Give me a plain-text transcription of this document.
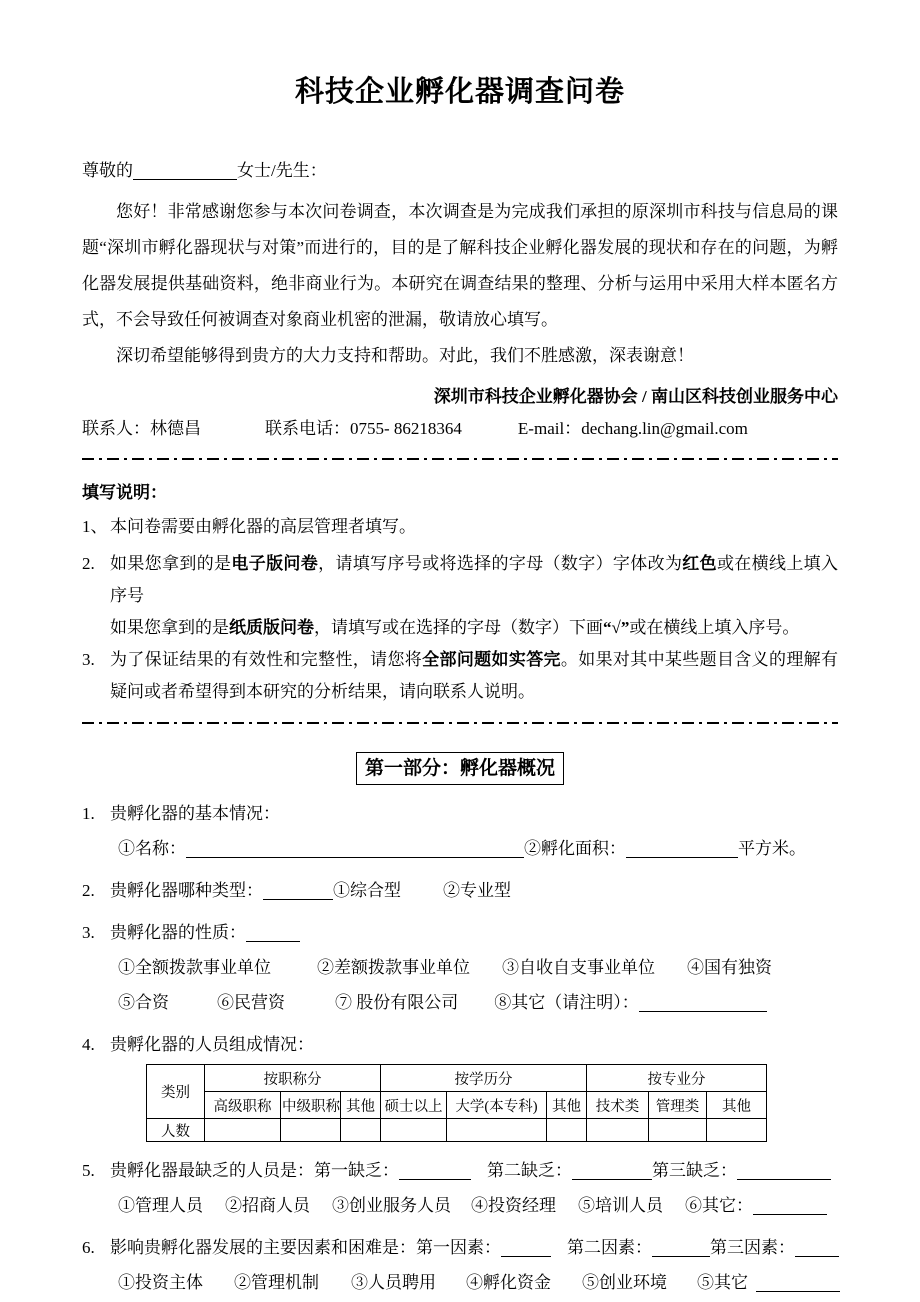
科技企业孵化器调查问卷

尊敬的	女士/先生：

您好！非常感谢您参与本次问卷调查，本次调查是为完成我们承担的原深圳市科技与信息局的课题“深圳市孵化器现状与对策”而进行的，目的是了解科技企业孵化器发展的现状和存在的问题，为孵化器发展提供基础资料，绝非商业行为。本研究在调查结果的整理、分析与运用中采用大样本匿名方式，不会导致任何被调查对象商业机密的泄漏，敬请放心填写。

深切希望能够得到贵方的大力支持和帮助。对此，我们不胜感激，深表谢意！

深圳市科技企业孵化器协会 / 南山区科技创业服务中心

联系人：林德昌	联系电话：0755- 86218364	E-mail：dechang.lin@gmail.com

填写说明：

1、 本问卷需要由孵化器的高层管理者填写。
2. 如果您拿到的是电子版问卷，请填写序号或将选择的字母（数字）字体改为红色或在横线上填入序号
如果您拿到的是纸质版问卷，请填写或在选择的字母（数字）下画“√”或在横线上填入序号。
3. 为了保证结果的有效性和完整性，请您将全部问题如实答完。如果对其中某些题目含义的理解有疑问或者希望得到本研究的分析结果，请向联系人说明。
第一部分：孵化器概况
1. 贵孵化器的基本情况：
①名称：	②孵化面积：	平方米。
2. 贵孵化器哪种类型：	①综合型 ②专业型
3. 贵孵化器的性质：
①全额拨款事业单位	②差额拨款事业单位 ③自收自支事业单位 ④国有独资
⑤合资	⑥民营资	⑦ 股份有限公司 ⑧其它（请注明）：
4. 贵孵化器的人员组成情况：
类别	按职称分			按学历分			按专业分		
	高级职称	中级职称	其他	硕士以上	大学(本专科)	其他	技术类	管理类	其他
人数									
5. 贵孵化器最缺乏的人员是：第一缺乏：	第二缺乏：	第三缺乏：
①管理人员 ②招商人员 ③创业服务人员 ④投资经理 ⑤培训人员 ⑥其它：
6. 影响贵孵化器发展的主要因素和困难是：第一因素：	第二因素：	第三因素：
①投资主体 ②管理机制 ③人员聘用 ④孵化资金 ⑤创业环境 ⑤其它
